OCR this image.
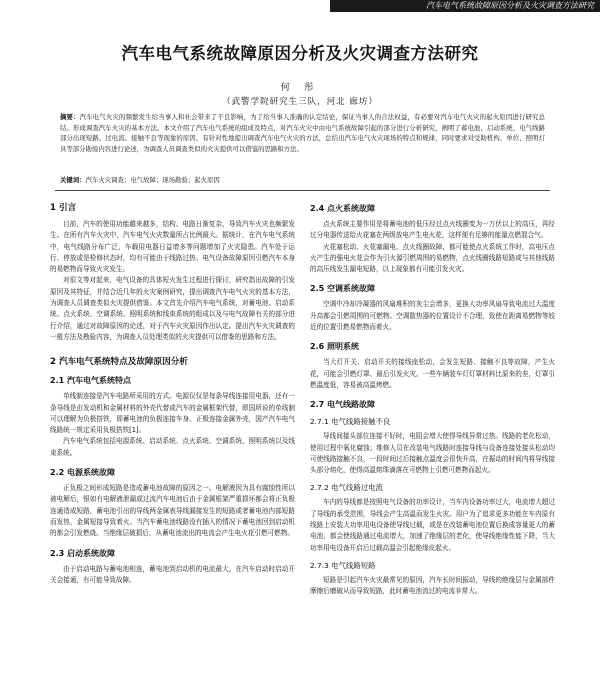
汽车电气系统故障原因分析及火灾调查方法研究
汽车电气系统故障原因分析及火灾调查方法研究
何 彤
（武警学院研究生三队，河北 廊坊）
摘要：汽车电气火灾的频繁发生给当事人和社会带来了不良影响，为了给当事人准确的认定结论，保证当事人的合法权益，有必要对汽车电气火灾的起火原因进行研究总结。形成调查汽车火灾的基本方法。本文介绍了汽车电气系统的组成及特点，对汽车火灾中由电气系统故障引起的部分进行分析研究，阐明了蓄电池、启动系统、电气线路部分出现短路、过电流、接触不良等现象的原因，有针对性地提出调查汽车电气火灾的方法，总结出汽车电气火灾现场的特点和规律，同时要求对受助机构、单位、照明灯具等部分勘验内容进行论述，为调查人员调查类似的火灾提供可以借鉴的思路和方法。
关键词：汽车火灾调查；电气故障；现场勘验；起火原因
1 引言
目前，汽车的使用功能越来越多，结构、电路日渐复杂，导致汽车火灾也频繁发生。在所有汽车火灾中，汽车电气火灾数量所占比例最大。据统计，在汽车电气系统中，电气线路分布广泛，车载用电器日益增多等问题增加了火灾隐患。汽车处于运行、停放或是检修状态时，均有可能由于线路过热、电气设备故障原因引燃汽车本身的易燃物而导致火灾发生。
对很文等对起来，电气设备的具体短火发生过程进行探讨，研究指出故障的引发原因及其特征，并结合近几年的火灾案例研究，提出调查汽车电气火灾的基本方法，为调查人员调查类似火灾提供借鉴。本文首先介绍汽车电气系统，对蓄电池、启动系统、点火系统、空调系统、照明系统和线束系统的组成以及与电气故障有关的部分进行介绍，通过对故障原因的论述，对于汽车火灾原因作出认定。提出汽车火灾调查的一般方法及勘验内容，为调查人员处理类似的火灾提供可以借鉴的思路和方法。
2 汽车电气系统特点及故障原因分析
2.1 汽车电气系统特点
单线制连接是汽车电路所采用的方式。电源仅仅是每条导线连接用电器，还有一条导线是由发动机和金属材料的外壳代替或汽车的金属框架代替，即国所说的单线制可以理解为负极搭铁，即蓄电池的负极连接车身。正极连接金属外壳，国产汽车电气线路统一规定采用负极搭铁[1]。
汽车电气系统包括电源系统、启动系统、点火系统、空调系统、照明系统以及线束系统。
2.2 电源系统故障
正负极之间形成短路是造成蓄电池故障的原因之一。电解液因为具有腐蚀性所以被电解后，银如有电解液泄漏或过流汽车电池后由于金属框架严重损坏都会将正负极连通造成短路，蓄电池引出的导线两金属表导线漏接发生的短路或者蓄电池内部短路而发热，金属短接导致着火。当汽车蓄电池线路没有插入的情况下蓄电池回到启动机的都会引发燃烧。当绝缘层破损后，从蓄电池流出的电流会产生电火花引燃可燃物。
2.3 启动系统故障
由于启动电路与蓄电池相连，蓄电池到启动机的电流最大，在汽车启动时启动开关会接通，有可能导致故障。
2.4 点火系统故障
点火系统主要作用是将蓄电池的低压经过点火线圈变为一万伏以上的高压，再经过分电器传送给火花塞在两级放电产生电火花，这样便有足够的能量点燃混合气。
火花塞松动、火花塞漏电、点火线圈故障，都可能使点火系统工作时，高电压点火产生的强电火花会作为引火源引燃周围的易燃物，点火线圈线路短路或与其他线路的高压线发生漏电短路，以上现象都有可能引发火灾。
2.5 空调系统故障
空调中冷却冷凝器的风扇堆积的灰尘会增多，更换大功率风扇导致电流过大温度升高都会引燃周围的可燃物。空调散热器的位置设计不合理，致使在距离易燃物等较近的位置引燃易燃物而着火。
2.6 照明系统
当大灯开关、启动开关的接线座松动，会发生短路、接触不良等故障，产生火花，可能会引燃灯罩、最后引发火灾。一些车辆装车灯灯罩材料比原来的差，灯罩引燃温度低，容易被高温烤燃。
2.7 电气线路故障
2.7.1 电气线路接触不良
导线间接头部位连接不好时，电阻会增大使得导线异常过热。线路的老化松动，使用过程中氧化腐蚀；维修人员在改装电气线路时连接导线与设备连接处接头松动均可使线路接触不良，一段时间过后接触点温度会很快升高，在振动的时间内将导线接头部分熔化，使得高温熔珠滴落在可燃物上引燃可燃物而起火。
2.7.2 电气线路过电流
车内的导线都是按照电气设备的功率设计，当车内设备功率过大，电流增大超过了导线的承受范围，导线会产生高温而发生火灾。用户为了追求更多功能在车内原有线路上安装大功率用电设备使导线过载，或是在改装蓄电池位置后换成容量更大的蓄电池，都会使线路通过电流增大，加速了绝缘层的老化，使导线绝缘性能下降，当大功率用电设备开启后过载高温会引起绝缘皮起火。
2.7.3 电气线路短路
短路是引起汽车火灾最常见的原因，汽车长时间振动，导线的绝缘层与金属部件摩擦后磨破从而导致短路，此时蓄电池流过的电流非常大。
